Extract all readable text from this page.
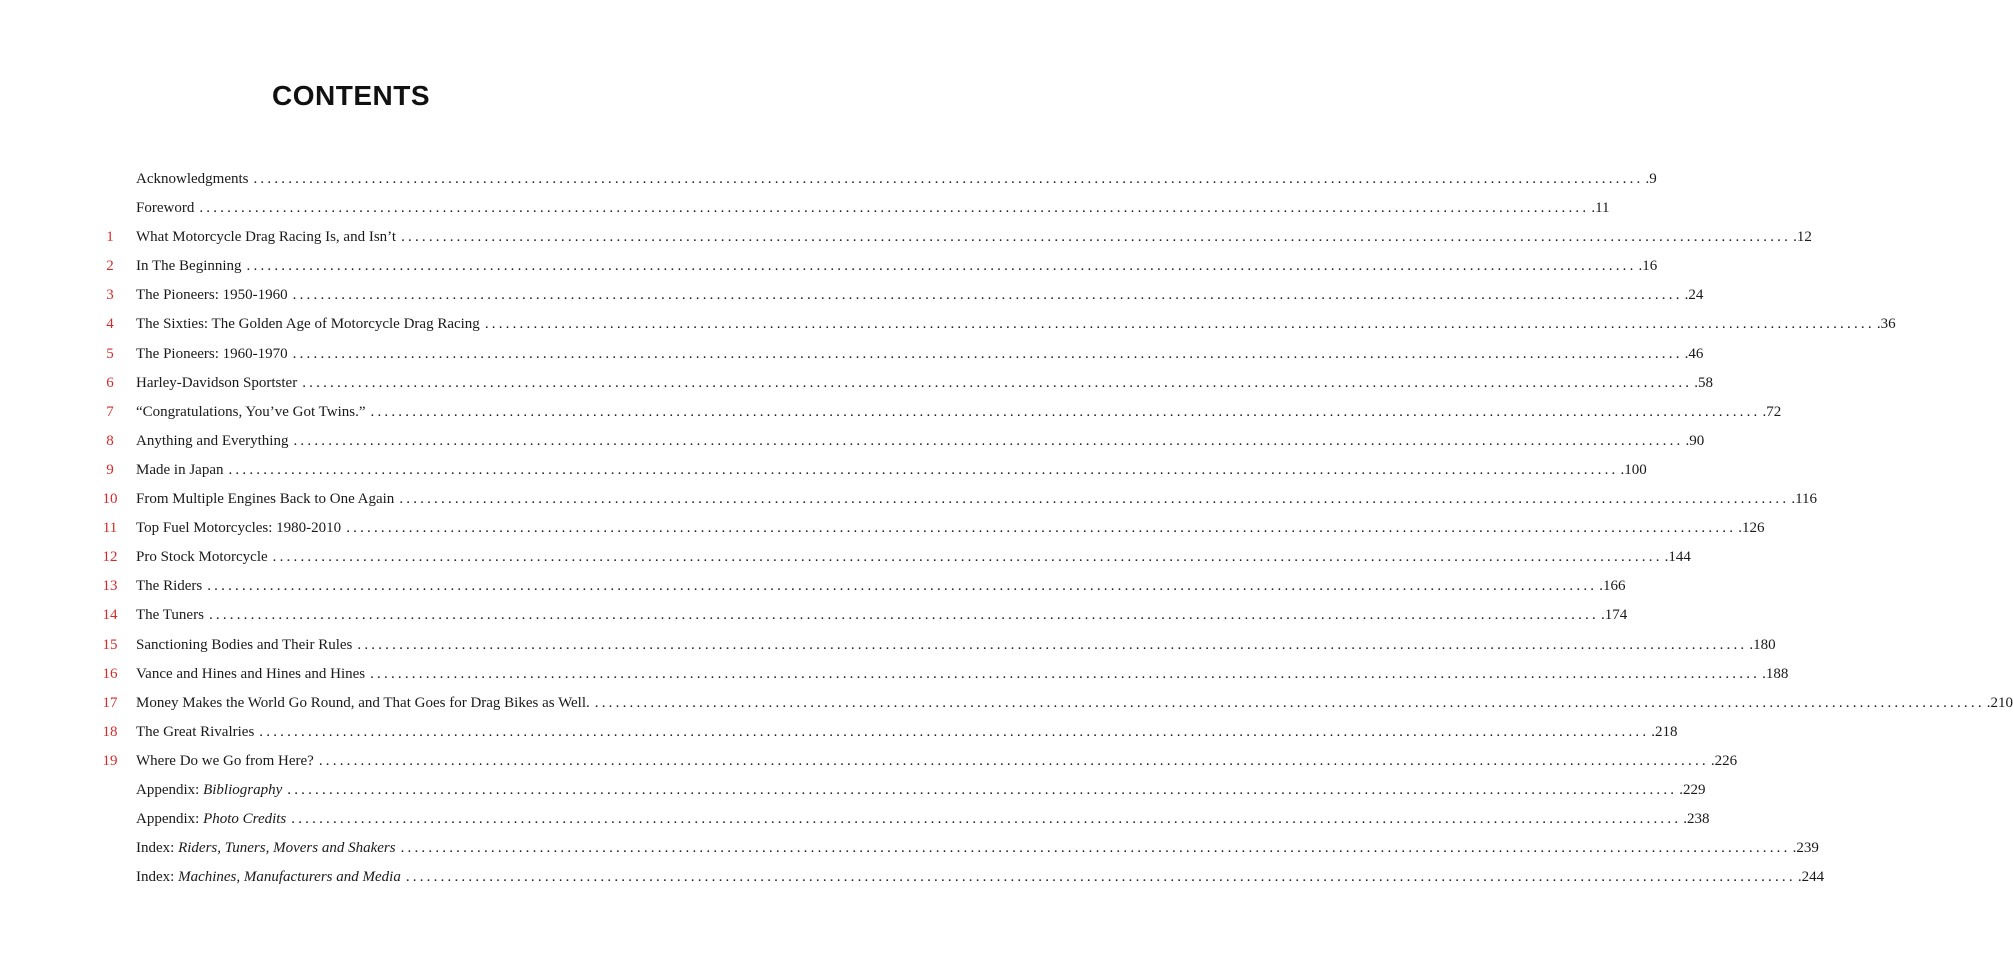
CONTENTS
Acknowledgments ........................................................................................................................................................................................................ .9
Foreword ........................................................................................................................................................................................................ .11
1	What Motorcycle Drag Racing Is, and Isn’t ........................................................................................................................................................................................................ .12
2	In The Beginning ........................................................................................................................................................................................................ .16
3	The Pioneers: 1950-1960 ........................................................................................................................................................................................................ .24
4	The Sixties: The Golden Age of Motorcycle Drag Racing ........................................................................................................................................................................................................ .36
5	The Pioneers: 1960-1970 ........................................................................................................................................................................................................ .46
6	Harley-Davidson Sportster ........................................................................................................................................................................................................ .58
7	“Congratulations, You’ve Got Twins.” ........................................................................................................................................................................................................ .72
8	Anything and Everything ........................................................................................................................................................................................................ .90
9	Made in Japan ........................................................................................................................................................................................................ .100
10	From Multiple Engines Back to One Again ........................................................................................................................................................................................................ .116
11	Top Fuel Motorcycles: 1980-2010 ........................................................................................................................................................................................................ .126
12	Pro Stock Motorcycle ........................................................................................................................................................................................................ .144
13	The Riders ........................................................................................................................................................................................................ .166
14	The Tuners ........................................................................................................................................................................................................ .174
15	Sanctioning Bodies and Their Rules ........................................................................................................................................................................................................ .180
16	Vance and Hines and Hines and Hines ........................................................................................................................................................................................................ .188
17	Money Makes the World Go Round, and That Goes for Drag Bikes as Well. ........................................................................................................................................................................................................ .210
18	The Great Rivalries ........................................................................................................................................................................................................ .218
19	Where Do we Go from Here? ........................................................................................................................................................................................................ .226
Appendix: Bibliography ........................................................................................................................................................................................................ .229
Appendix: Photo Credits ........................................................................................................................................................................................................ .238
Index: Riders, Tuners, Movers and Shakers ........................................................................................................................................................................................................ .239
Index: Machines, Manufacturers and Media ........................................................................................................................................................................................................ .244
